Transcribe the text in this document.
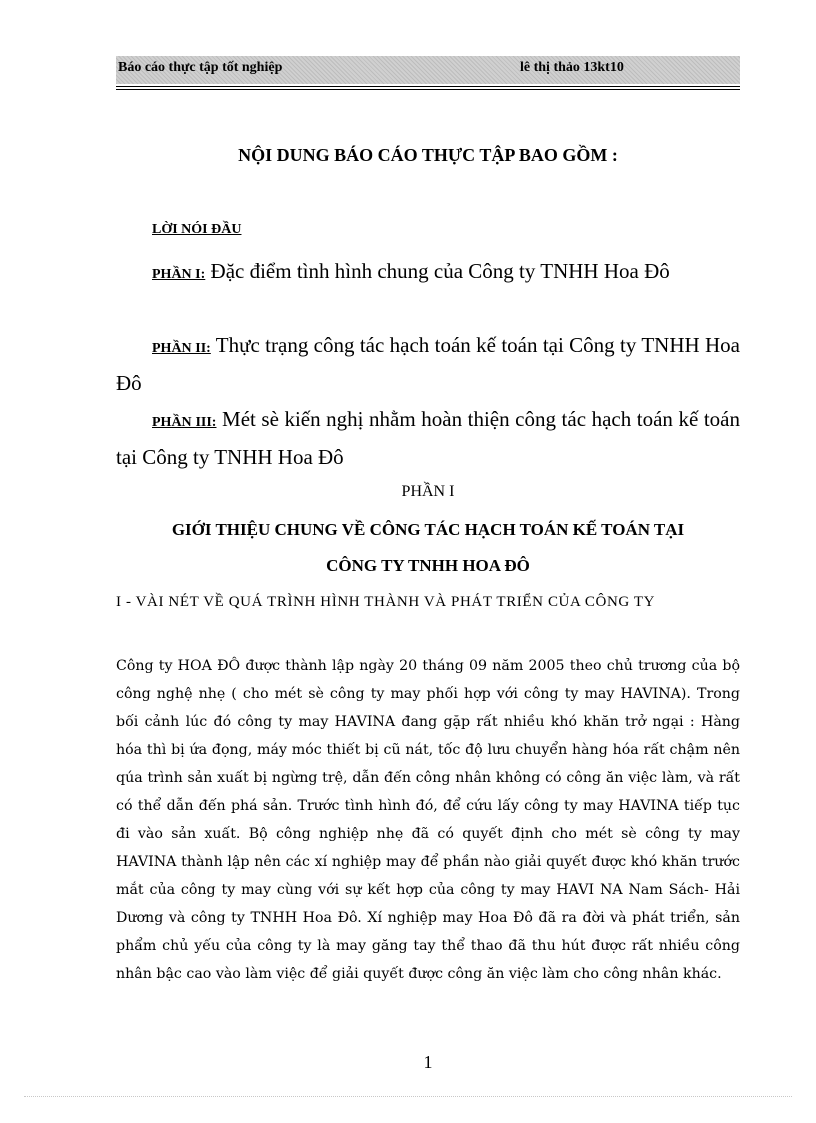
Báo cáo thực tập tốt nghiệp	lê thị thảo 13kt10
NỘI DUNG BÁO CÁO THỰC TẬP BAO GỒM :
LỜI NÓI ĐẦU
PHẦN I: Đặc điểm tình hình chung của Công ty TNHH Hoa Đô
PHẦN II: Thực trạng công tác hạch toán kế toán tại Công ty TNHH Hoa Đô
PHẦN III: Mét sè kiến nghị nhằm hoàn thiện công tác hạch toán kế toán tại Công ty TNHH Hoa Đô
PHẦN I
GIỚI THIỆU CHUNG VỀ CÔNG TÁC HẠCH TOÁN KẾ TOÁN TẠI
CÔNG TY TNHH HOA ĐÔ
I - VÀI NÉT VỀ QUÁ TRÌNH HÌNH THÀNH VÀ PHÁT TRIỂN CỦA CÔNG TY
Công ty HOA ĐÔ được thành lập ngày 20 tháng 09 năm 2005 theo chủ trương của bộ công nghệ nhẹ ( cho mét sè công ty may phối hợp với công ty may HAVINA). Trong bối cảnh lúc đó công ty may HAVINA đang gặp rất nhiều khó khăn trở ngại : Hàng hóa thì bị ứa đọng, máy móc thiết bị cũ nát, tốc độ lưu chuyển hàng hóa rất chậm nên qúa trình sản xuất bị ngừng trệ, dẫn đến công nhân không có công ăn việc làm, và rất có thể dẫn đến phá sản. Trước tình hình đó, để cứu lấy công ty may HAVINA tiếp tục đi vào sản xuất. Bộ công nghiệp nhẹ đã có quyết định cho mét sè công ty may HAVINA thành lập nên các xí nghiệp may để phần nào giải quyết được khó khăn trước mắt của công ty may cùng với sự kết hợp của công ty may HAVI NA Nam Sách- Hải Dương và công ty TNHH Hoa Đô. Xí nghiệp may Hoa Đô đã ra đời và phát triển, sản phẩm chủ yếu của công ty là may găng tay thể thao đã thu hút được rất nhiều công nhân bậc cao vào làm việc để giải quyết được công ăn việc làm cho công nhân khác.
1
